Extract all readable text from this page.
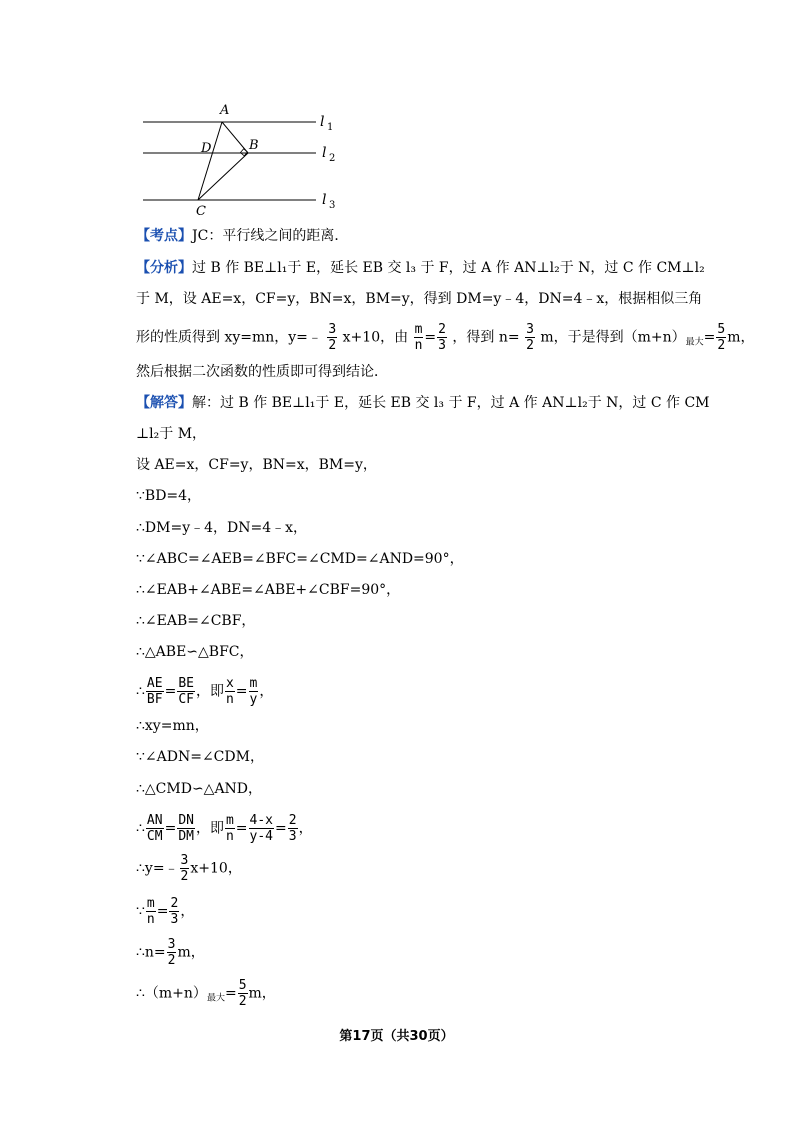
A
B
C
D
l 1
l 2
l 3
【考点】JC：平行线之间的距离．
【分析】过 B 作 BE⊥l₁于 E，延长 EB 交 l₃ 于 F，过 A 作 AN⊥l₂于 N，过 C 作 CM⊥l₂
于 M，设 AE=x，CF=y，BN=x，BM=y，得到 DM=y﹣4，DN=4﹣x，根据相似三角
形的性质得到 xy=mn，y=﹣ $\frac{3}{2} x+10$，由 $\frac{m}{n} = \frac{2}{3}$ ，得到 $n= \frac{3}{2}$ m，于是得到$(m+n)_{最大}= \frac{5}{2}$ m，
然后根据二次函数的性质即可得到结论．
【解答】解：过 B 作 BE⊥l₁于 E，延长 EB 交 l₃ 于 F，过 A 作 AN⊥l₂于 N，过 C 作 CM
⊥l₂于 M，
设 AE=x，CF=y，BN=x，BM=y，
∵BD=4，
∴DM=y﹣4，DN=4﹣x，
∵∠ABC=∠AEB=∠BFC=∠CMD=∠AND=90°，
∴∠EAB+∠ABE=∠ABE+∠CBF=90°，
∴∠EAB=∠CBF，
∴△ABE∽△BFC，
∴ $\frac{AE}{BF} = \frac{BE}{CF}$ ，即 $\frac{x}{n} = \frac{m}{y}$ ，
∴xy=mn，
∵∠ADN=∠CDM，
∴△CMD∽△AND，
∴ $\frac{AN}{CM} = \frac{DN}{DM}$ ，即 $\frac{m}{n} = \frac{4-x}{y-4} = \frac{2}{3}$ ，
∴y=﹣ $\frac{3}{2} x+10$，
∵ $\frac{m}{n} = \frac{2}{3}$ ，
∴n= $\frac{3}{2}$ m，
$\therefore(m+n)_{最大}= \frac{5}{2}$ m，
第17页（共30页）
